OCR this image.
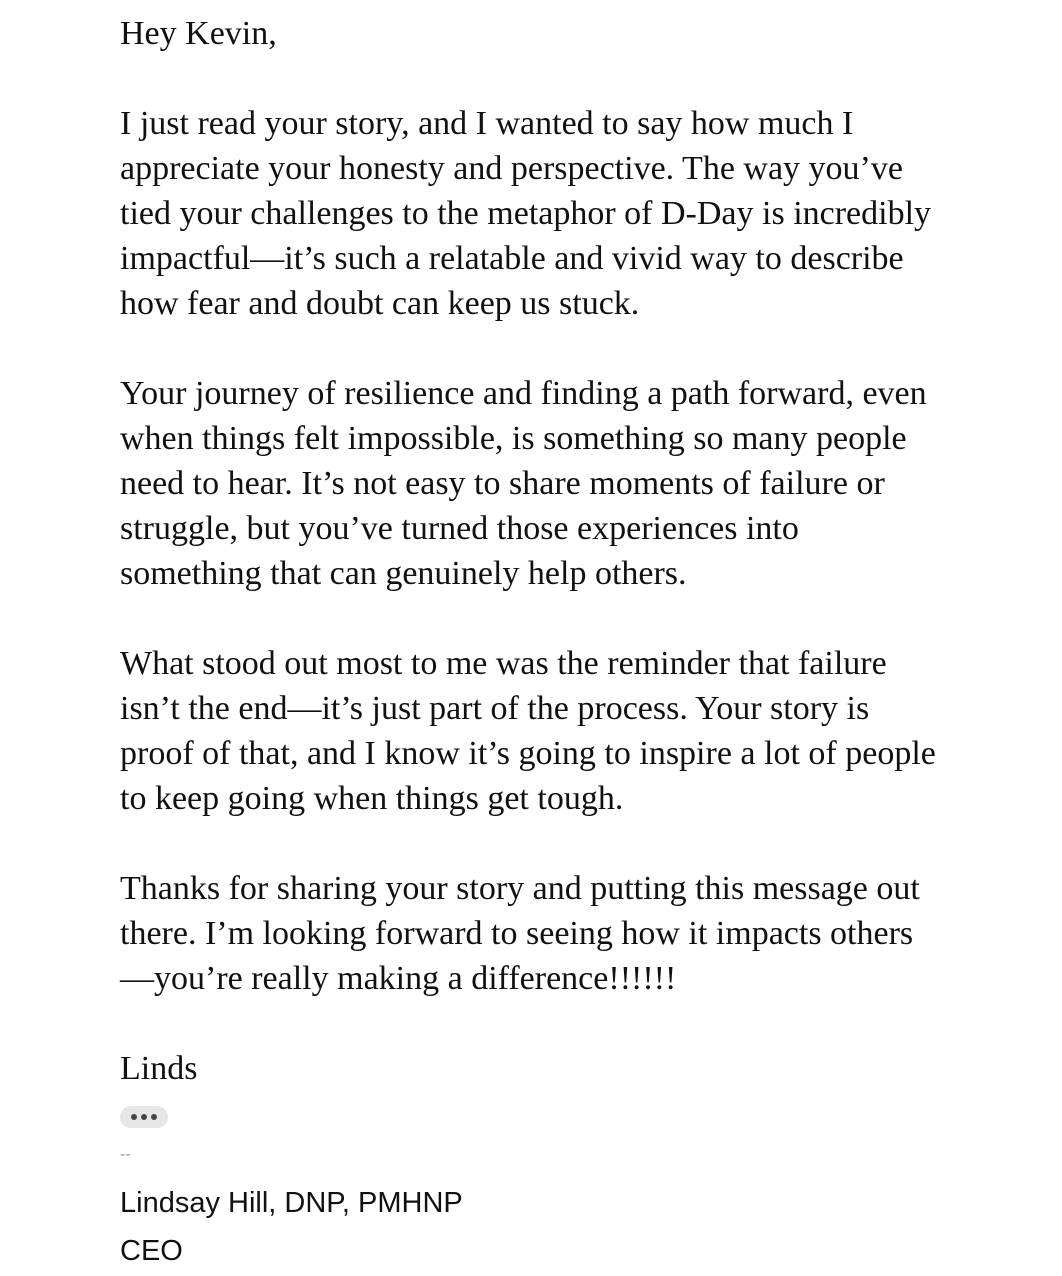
Hey Kevin,

I just read your story, and I wanted to say how much I
appreciate your honesty and perspective. The way you’ve
tied your challenges to the metaphor of D-Day is incredibly
impactful—it’s such a relatable and vivid way to describe
how fear and doubt can keep us stuck.

Your journey of resilience and finding a path forward, even
when things felt impossible, is something so many people
need to hear. It’s not easy to share moments of failure or
struggle, but you’ve turned those experiences into
something that can genuinely help others.

What stood out most to me was the reminder that failure
isn’t the end—it’s just part of the process. Your story is
proof of that, and I know it’s going to inspire a lot of people
to keep going when things get tough.

Thanks for sharing your story and putting this message out
there. I’m looking forward to seeing how it impacts others
—you’re really making a difference!!!!!!

Linds

--
Lindsay Hill, DNP, PMHNP
CEO
